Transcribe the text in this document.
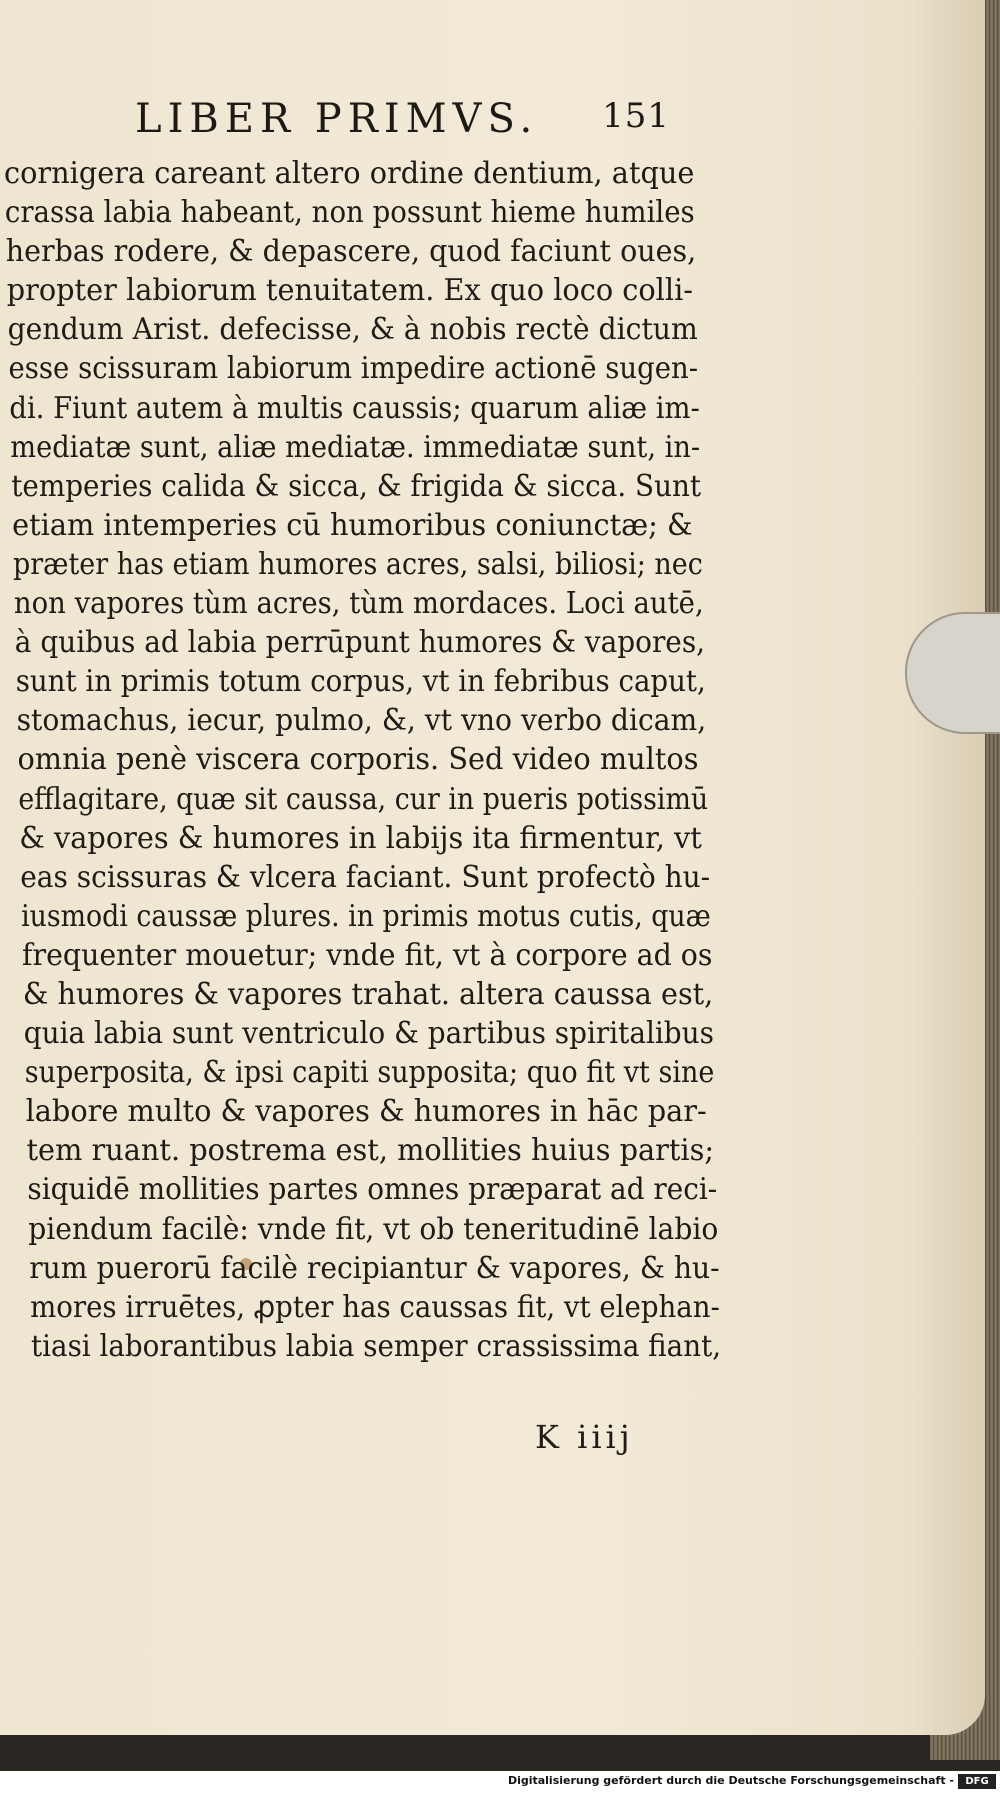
LIBER PRIMVS. 151
cornigera careant altero ordine dentium, atque
crassa labia habeant, non possunt hieme humiles
herbas rodere, & depascere, quod faciunt oues,
propter labiorum tenuitatem. Ex quo loco colli-
gendum Arist. defecisse, & à nobis rectè dictum
esse scissuram labiorum impedire actionē sugen-
di. Fiunt autem à multis caussis; quarum aliæ im-
mediatæ sunt, aliæ mediatæ. immediatæ sunt, in-
temperies calida & sicca, & frigida & sicca. Sunt
etiam intemperies cū humoribus coniunctæ; &
præter has etiam humores acres, salsi, biliosi; nec
non vapores tùm acres, tùm mordaces. Loci autē,
à quibus ad labia perrūpunt humores & vapores,
sunt in primis totum corpus, vt in febribus caput,
stomachus, iecur, pulmo, &, vt vno verbo dicam,
omnia penè viscera corporis. Sed video multos
efflagitare, quæ sit caussa, cur in pueris potissimū
& vapores & humores in labijs ita firmentur, vt
eas scissuras & vlcera faciant. Sunt profectò hu-
iusmodi caussæ plures. in primis motus cutis, quæ
frequenter mouetur; vnde fit, vt à corpore ad os
& humores & vapores trahat. altera caussa est,
quia labia sunt ventriculo & partibus spiritalibus
superposita, & ipsi capiti supposita; quo fit vt sine
labore multo & vapores & humores in hāc par-
tem ruant. postrema est, mollities huius partis;
siquidē mollities partes omnes præparat ad reci-
piendum facilè: vnde fit, vt ob teneritudinē labio
rum puerorū facilè recipiantur & vapores, & hu-
mores irruētes, ꝓpter has caussas fit, vt elephan-
tiasi laborantibus labia semper crassissima fiant,
K iiij
Digitalisierung gefördert durch die Deutsche Forschungsgemeinschaft -	DFG
